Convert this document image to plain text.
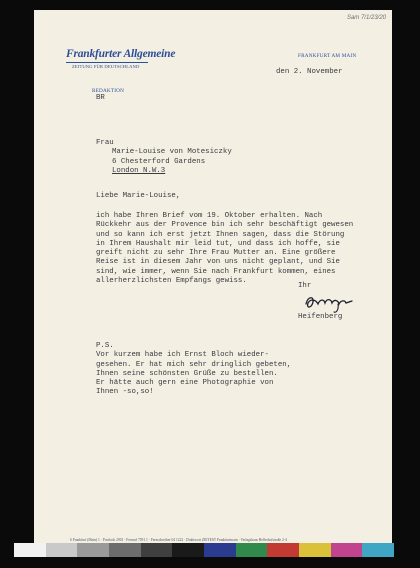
Sam 7/1/23/20
Frankfurter Allgemeine
ZEITUNG FÜR DEUTSCHLAND
REDAKTION
FRANKFURT AM MAIN
BR
den 2. November
Frau
Marie-Louise von Motesiczky
6 Chesterford Gardens
London N.W.3
Liebe Marie-Louise,
ich habe Ihren Brief vom 19. Oktober erhalten. Nach
Rückkehr aus der Provence bin ich sehr beschäftigt gewesen
und so kann ich erst jetzt Ihnen sagen, dass die Störung
in Ihrem Haushalt mir leid tut, und dass ich hoffe, sie
greift nicht zu sehr Ihre Frau Mutter an. Eine größere
Reise ist in diesem Jahr von uns nicht geplant, und Sie
sind, wie immer, wenn Sie nach Frankfurt kommen, eines
allerherzlichsten Empfangs gewiss.
Ihr
Heifenberg
P.S.
Vor kurzem habe ich Ernst Bloch wieder-
gesehen. Er hat mich sehr dringlich gebeten,
Ihnen seine schönsten Grüße zu bestellen.
Er hätte auch gern eine Photographie von
Ihnen -so,so!
6 Frankfurt (Main) 1 · Postfach 2901 · Fernruf 7591 1 · Fernschreiber 04 1222 · Drahtwort ZEITEST Frankfurtmain · Verlagshaus Hellerhofstraße 2-4
